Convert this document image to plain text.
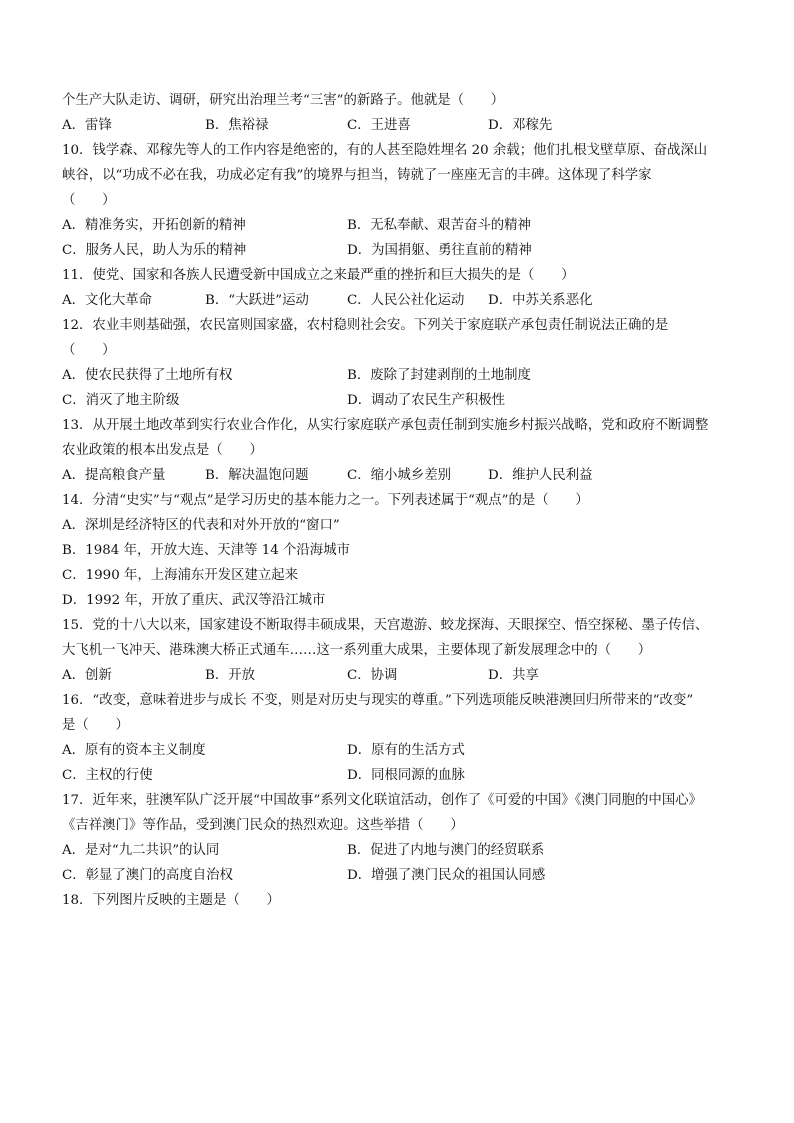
个生产大队走访、调研，研究出治理兰考“三害”的新路子。他就是（　　）
A．雷锋	B．焦裕禄	C．王进喜	D．邓稼先
10．钱学森、邓稼先等人的工作内容是绝密的，有的人甚至隐姓埋名 20 余载；他们扎根戈壁草原、奋战深山
峡谷，以“功成不必在我，功成必定有我”的境界与担当，铸就了一座座无言的丰碑。这体现了科学家
（　　）
A．精准务实，开拓创新的精神	B．无私奉献、艰苦奋斗的精神
C．服务人民，助人为乐的精神	D．为国捐躯、勇往直前的精神
11．使党、国家和各族人民遭受新中国成立之来最严重的挫折和巨大损失的是（　　）
A．文化大革命	B．“大跃进”运动	C．人民公社化运动 D．中苏关系恶化
12．农业丰则基础强，农民富则国家盛，农村稳则社会安。下列关于家庭联产承包责任制说法正确的是
（　　）
A．使农民获得了土地所有权	B．废除了封建剥削的土地制度
C．消灭了地主阶级	D．调动了农民生产积极性
13．从开展土地改革到实行农业合作化，从实行家庭联产承包责任制到实施乡村振兴战略，党和政府不断调整
农业政策的根本出发点是（　　）
A．提高粮食产量	B．解决温饱问题	C．缩小城乡差别	D．维护人民利益
14．分清“史实”与“观点”是学习历史的基本能力之一。下列表述属于“观点”的是（　　）
A．深圳是经济特区的代表和对外开放的“窗口”
B．1984 年，开放大连、天津等 14 个沿海城市
C．1990 年，上海浦东开发区建立起来
D．1992 年，开放了重庆、武汉等沿江城市
15．党的十八大以来，国家建设不断取得丰硕成果，天宫遨游、蛟龙探海、天眼探空、悟空探秘、墨子传信、
大飞机一飞冲天、港珠澳大桥正式通车……这一系列重大成果，主要体现了新发展理念中的（　　）
A．创新	B．开放	C．协调	D．共享
16．“改变，意味着进步与成长 不变，则是对历史与现实的尊重。”下列选项能反映港澳回归所带来的“改变”
是（　　）
A．原有的资本主义制度	D．原有的生活方式
C．主权的行使	D．同根同源的血脉
17．近年来，驻澳军队广泛开展“中国故事”系列文化联谊活动，创作了《可爱的中国》《澳门同胞的中国心》
《吉祥澳门》等作品，受到澳门民众的热烈欢迎。这些举措（　　）
A．是对“九二共识”的认同	B．促进了内地与澳门的经贸联系
C．彰显了澳门的高度自治权	D．增强了澳门民众的祖国认同感
18．下列图片反映的主题是（　　）
